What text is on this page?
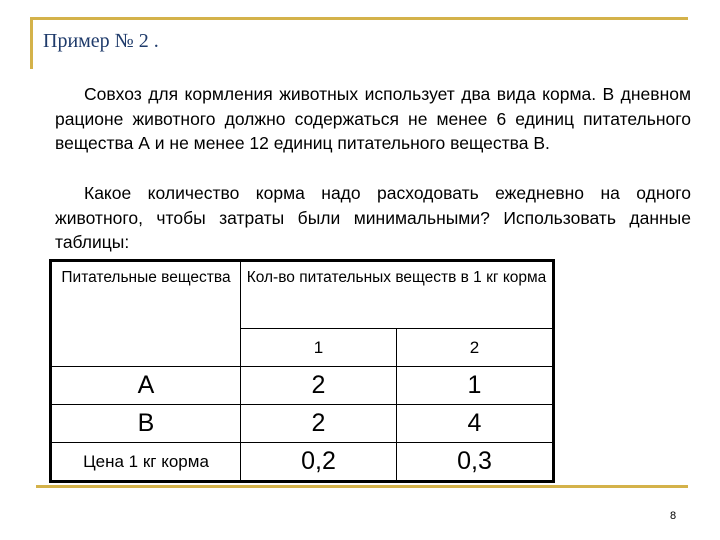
Пример № 2 .
Совхоз для кормления животных использует два вида корма. В дневном рационе животного должно содержаться не менее 6 единиц питательного вещества А и не менее 12 единиц питательного вещества В.
Какое количество корма надо расходовать ежедневно на одного животного, чтобы затраты были минимальными? Использовать данные таблицы:
Питательные вещества	Кол-во питательных веществ в 1 кг корма	
	1	2
А	2	1
В	2	4
Цена 1 кг корма	0,2	0,3
8
